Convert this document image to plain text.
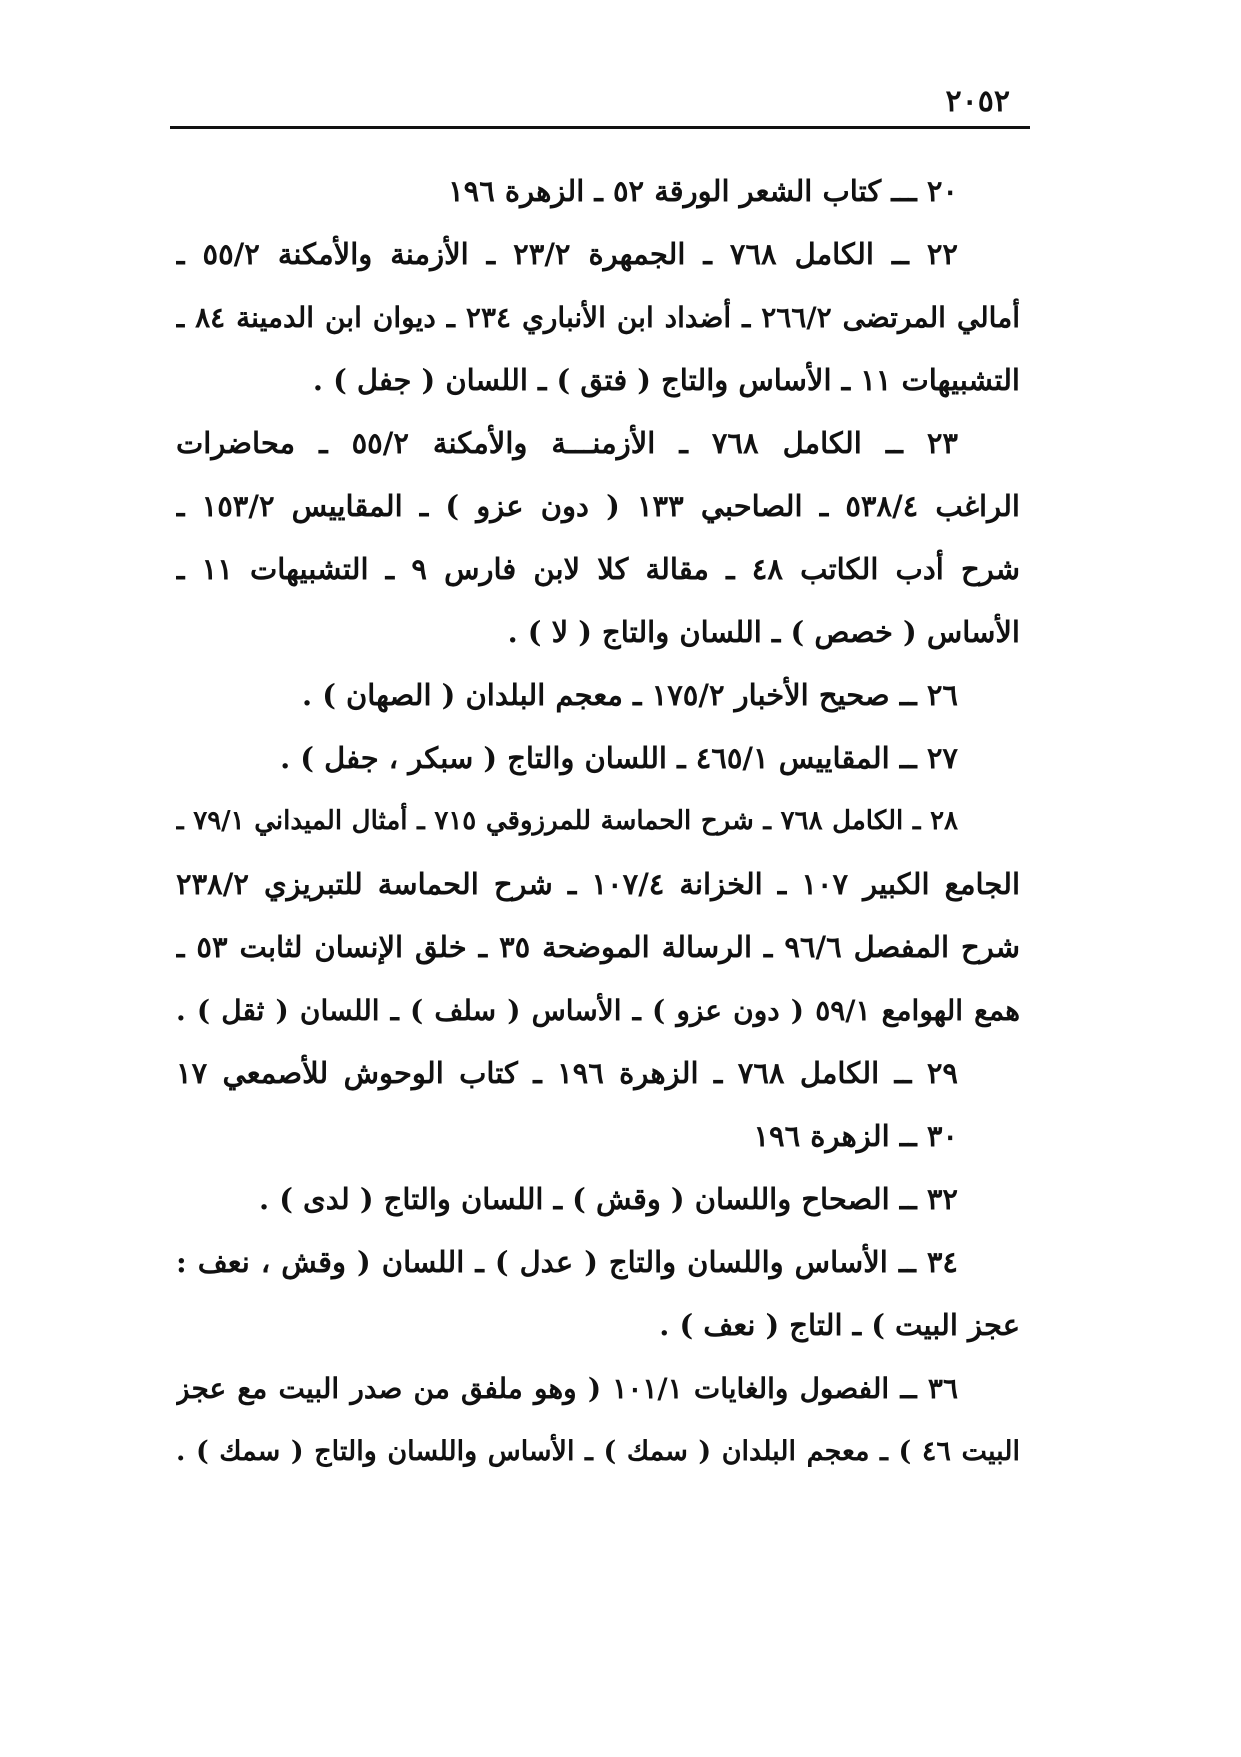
٢٠٥٢
٢٠ ـــ كتاب الشعر الورقة ٥٢ ـ الزهرة ١٩٦
٢٢ ــ الكامل ٧٦٨ ـ الجمهرة ٢٣/٢ ـ الأزمنة والأمكنة ٥٥/٢ ـ
أمالي المرتضى ٢٦٦/٢ ـ أضداد ابن الأنباري ٢٣٤ ـ ديوان ابن الدمينة ٨٤ ـ
التشبيهات ١١ ـ الأساس والتاج ( فتق ) ـ اللسان ( جفل ) .
٢٣ ــ الكامل ٧٦٨ ـ الأزمنـــة والأمكنة ٥٥/٢ ـ محاضرات
الراغب ٥٣٨/٤ ـ الصاحبي ١٣٣ ( دون عزو ) ـ المقاييس ١٥٣/٢ ـ
شرح أدب الكاتب ٤٨ ـ مقالة كلا لابن فارس ٩ ـ التشبيهات ١١ ـ
الأساس ( خصص ) ـ اللسان والتاج ( لا ) .
٢٦ ــ صحيح الأخبار ١٧٥/٢ ـ معجم البلدان ( الصهان ) .
٢٧ ــ المقاييس ٤٦٥/١ ـ اللسان والتاج ( سبكر ، جفل ) .
٢٨ ـ الكامل ٧٦٨ ـ شرح الحماسة للمرزوقي ٧١٥ ـ أمثال الميداني ٧٩/١ ـ
الجامع الكبير ١٠٧ ـ الخزانة ١٠٧/٤ ـ شرح الحماسة للتبريزي ٢٣٨/٢
شرح المفصل ٩٦/٦ ـ الرسالة الموضحة ٣٥ ـ خلق الإنسان لثابت ٥٣ ـ
همع الهوامع ٥٩/١ ( دون عزو ) ـ الأساس ( سلف ) ـ اللسان ( ثقل ) .
٢٩ ــ الكامل ٧٦٨ ـ الزهرة ١٩٦ ـ كتاب الوحوش للأصمعي ١٧
٣٠ ــ الزهرة ١٩٦
٣٢ ــ الصحاح واللسان ( وقش ) ـ اللسان والتاج ( لدى ) .
٣٤ ــ الأساس واللسان والتاج ( عدل ) ـ اللسان ( وقش ، نعف :
عجز البيت ) ـ التاج ( نعف ) .
٣٦ ــ الفصول والغايات ١٠١/١ ( وهو ملفق من صدر البيت مع عجز
البيت ٤٦ ) ـ معجم البلدان ( سمك ) ـ الأساس واللسان والتاج ( سمك ) .
